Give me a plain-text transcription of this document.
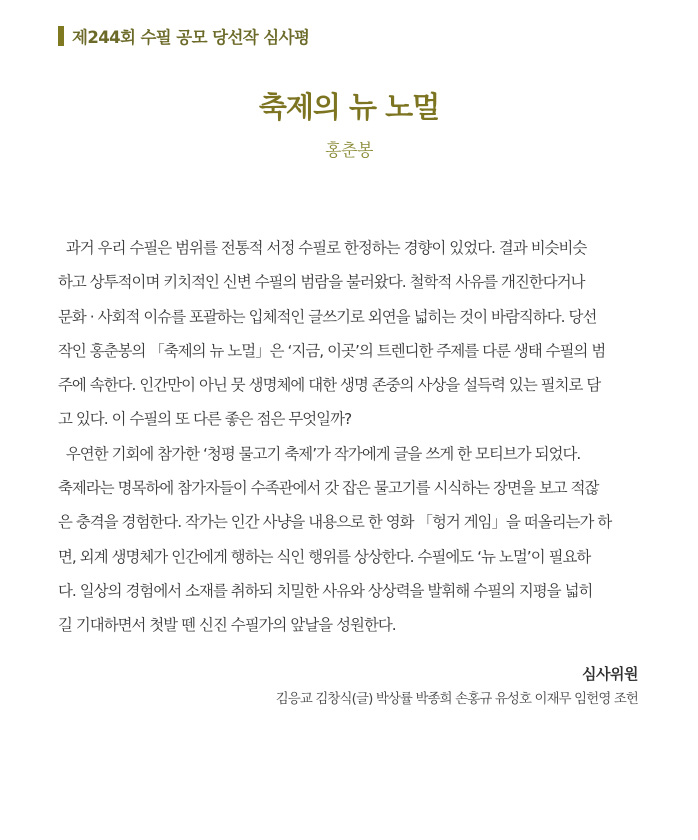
제244회 수필 공모 당선작 심사평
축제의 뉴 노멀
홍춘봉
과거 우리 수필은 범위를 전통적 서정 수필로 한정하는 경향이 있었다. 결과 비슷비슷
하고 상투적이며 키치적인 신변 수필의 범람을 불러왔다. 철학적 사유를 개진한다거나
문화 · 사회적 이슈를 포괄하는 입체적인 글쓰기로 외연을 넓히는 것이 바람직하다. 당선
작인 홍춘봉의 「축제의 뉴 노멀」은 ‘지금, 이곳’의 트렌디한 주제를 다룬 생태 수필의 범
주에 속한다. 인간만이 아닌 뭇 생명체에 대한 생명 존중의 사상을 설득력 있는 필치로 담
고 있다. 이 수필의 또 다른 좋은 점은 무엇일까?
우연한 기회에 참가한 ‘청평 물고기 축제’가 작가에게 글을 쓰게 한 모티브가 되었다.
축제라는 명목하에 참가자들이 수족관에서 갓 잡은 물고기를 시식하는 장면을 보고 적잖
은 충격을 경험한다. 작가는 인간 사냥을 내용으로 한 영화 「헝거 게임」을 떠올리는가 하
면, 외계 생명체가 인간에게 행하는 식인 행위를 상상한다. 수필에도 ‘뉴 노멀’이 필요하
다. 일상의 경험에서 소재를 취하되 치밀한 사유와 상상력을 발휘해 수필의 지평을 넓히
길 기대하면서 첫발 뗀 신진 수필가의 앞날을 성원한다.
심사위원
김응교 김창식(글) 박상률 박종희 손홍규 유성호 이재무 임헌영 조헌
